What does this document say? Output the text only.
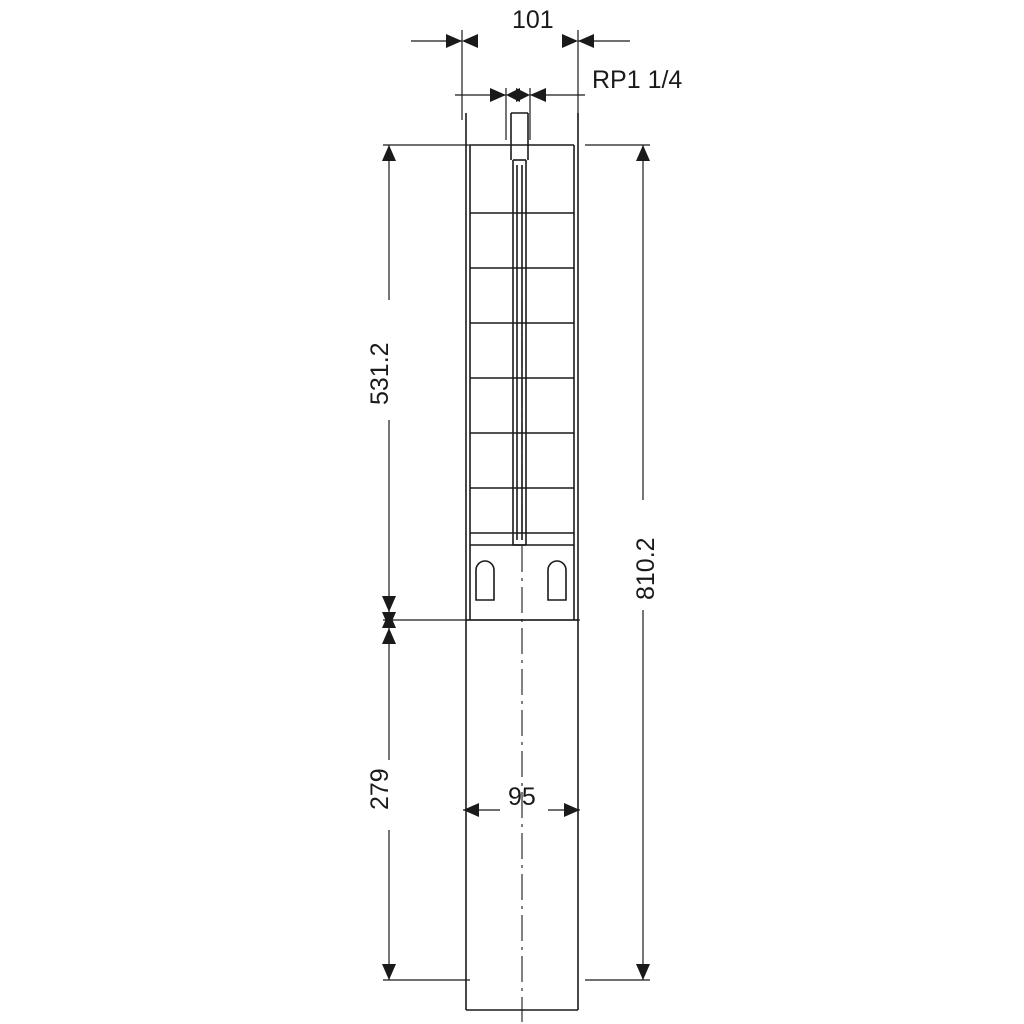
101
RP1 1/4
531.2
279
810.2
95
